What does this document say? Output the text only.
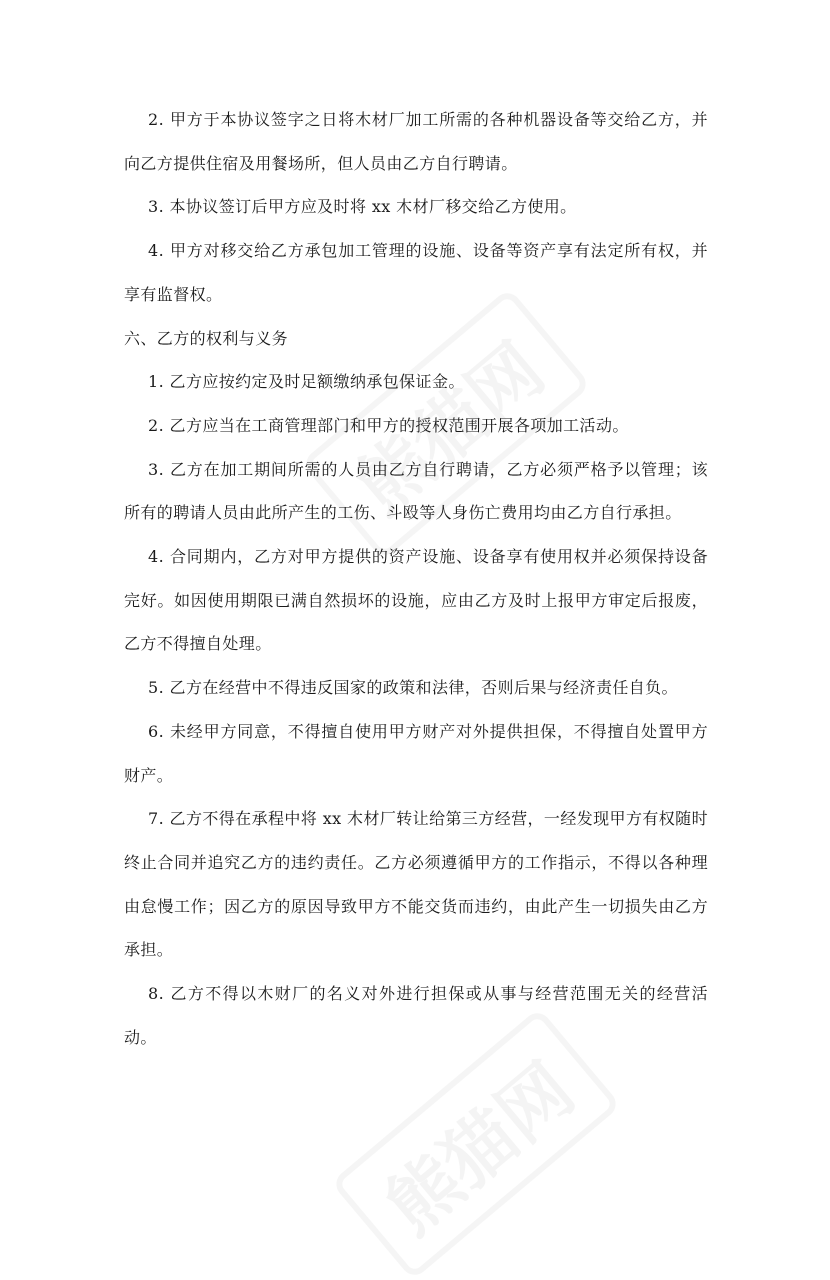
2. 甲方于本协议签字之日将木材厂加工所需的各种机器设备等交给乙方，并向乙方提供住宿及用餐场所，但人员由乙方自行聘请。

3. 本协议签订后甲方应及时将 xx 木材厂移交给乙方使用。

4. 甲方对移交给乙方承包加工管理的设施、设备等资产享有法定所有权，并享有监督权。

六、乙方的权利与义务

1. 乙方应按约定及时足额缴纳承包保证金。

2. 乙方应当在工商管理部门和甲方的授权范围开展各项加工活动。

3. 乙方在加工期间所需的人员由乙方自行聘请，乙方必须严格予以管理；该所有的聘请人员由此所产生的工伤、斗殴等人身伤亡费用均由乙方自行承担。

4. 合同期内，乙方对甲方提供的资产设施、设备享有使用权并必须保持设备完好。如因使用期限已满自然损坏的设施，应由乙方及时上报甲方审定后报废，乙方不得擅自处理。

5. 乙方在经营中不得违反国家的政策和法律，否则后果与经济责任自负。

6. 未经甲方同意，不得擅自使用甲方财产对外提供担保，不得擅自处置甲方财产。

7. 乙方不得在承程中将 xx 木材厂转让给第三方经营，一经发现甲方有权随时终止合同并追究乙方的违约责任。乙方必须遵循甲方的工作指示，不得以各种理由怠慢工作；因乙方的原因导致甲方不能交货而违约，由此产生一切损失由乙方承担。

8. 乙方不得以木财厂的名义对外进行担保或从事与经营范围无关的经营活动。
